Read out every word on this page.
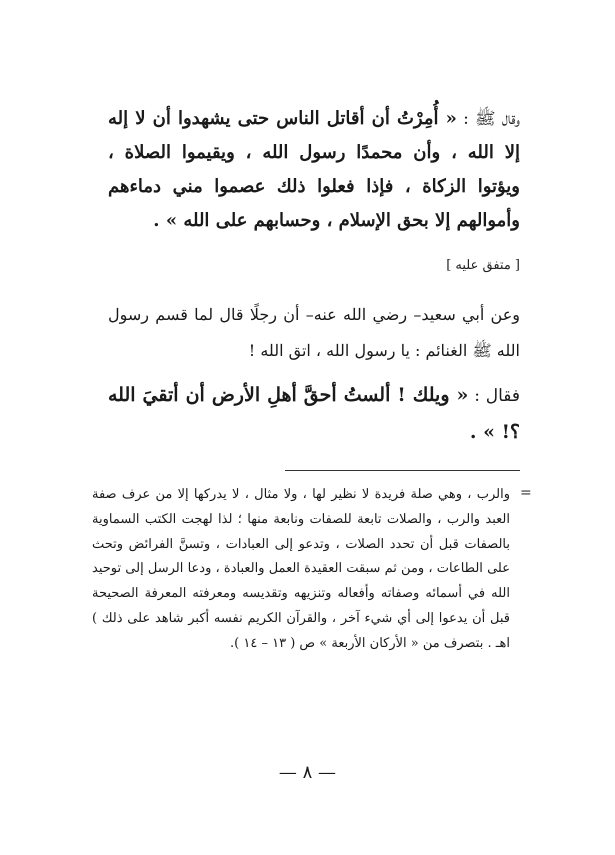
وقال ﷺ : « أُمِرْتُ أن أقاتل الناس حتى يشهدوا أن لا إله إلا الله ، وأن محمدًا رسول الله ، ويقيموا الصلاة ، ويؤتوا الزكاة ، فإذا فعلوا ذلك عصموا مني دماءهم وأموالهم إلا بحق الإسلام ، وحسابهم على الله » .
[ متفق عليه ]
وعن أبي سعيد– رضي الله عنه– أن رجلًا قال لما قسم رسول الله ﷺ الغنائم : يا رسول الله ، اتق الله !
فقال : « ويلك ! ألستُ أحقَّ أهلِ الأرض أن أتقيَ الله ؟! » .
=
والرب ، وهي صلة فريدة لا نظير لها ، ولا مثال ، لا يدركها إلا من عرف صفة العبد والرب ، والصلات تابعة للصفات ونابعة منها ؛ لذا لهجت الكتب السماوية بالصفات قبل أن تحدد الصلات ، وتدعو إلى العبادات ، وتسنَّ الفرائض وتحث على الطاعات ، ومن ثم سبقت العقيدة العمل والعبادة ، ودعا الرسل إلى توحيد الله في أسمائه وصفاته وأفعاله وتنزيهه وتقديسه ومعرفته المعرفة الصحيحة قبل أن يدعوا إلى أي شيء آخر ، والقرآن الكريم نفسه أكبر شاهد على ذلك ) اهـ . بتصرف من « الأركان الأربعة » ص ( ١٣ – ١٤ ).
— ٨ —
